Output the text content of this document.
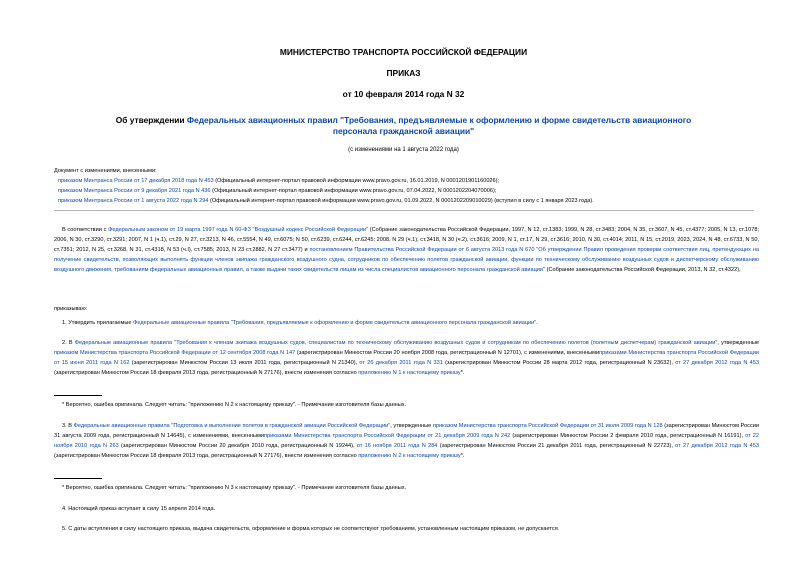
МИНИСТЕРСТВО ТРАНСПОРТА РОССИЙСКОЙ ФЕДЕРАЦИИ
ПРИКАЗ
от 10 февраля 2014 года N 32
Об утверждении Федеральных авиационных правил "Требования, предъявляемые к оформлению и форме свидетельств авиационного персонала гражданской авиации"
(с изменениями на 1 августа 2022 года)
Документ с изменениями, внесенными:
приказом Минтранса России от 17 декабря 2018 года N 453 (Официальный интернет-портал правовой информации www.pravo.gov.ru, 16.01.2019, N 0001201901160026);
приказом Минтранса России от 9 декабря 2021 года N 436 (Официальный интернет-портал правовой информации www.pravo.gov.ru, 07.04.2022, N 0001202204070006);
приказом Минтранса России от 1 августа 2022 года N 294 (Официальный интернет-портал правовой информации www.pravo.gov.ru, 01.09.2022, N 0001202209010029) (вступил в силу с 1 января 2023 года).
В соответствии с Федеральным законом от 19 марта 1997 года N 60-ФЗ "Воздушный кодекс Российской Федерации" (Собрание законодательства Российской Федерации, 1997, N 12, ст.1383; 1999, N 28, ст.3483; 2004, N 35, ст.3607, N 45, ст.4377; 2005, N 13, ст.1078; 2006, N 30, ст.3290, ст.3291; 2007, N 1 (ч.1), ст.29, N 27, ст.3213, N 46, ст.5554, N 49, ст.6075; N 50, ст.6239, ст.6244, ст.6245; 2008, N 29 (ч.1), ст.3418, N 30 (ч.2), ст.3616; 2009, N 1, ст.17, N 29, ст.3616; 2010, N 30, ст.4014; 2011, N 15, ст.2019, 2023, 2024, N 48, ст.6733, N 50, ст.7351; 2012, N 25, ст.3268, N 31, ст.4318, N 53 (ч.I), ст.7585; 2013, N 23 ст.2882, N 27 ст.3477) и постановлением Правительства Российской Федерации от 6 августа 2013 года N 670 "Об утверждении Правил проведения проверки соответствия лиц, претендующих на получение свидетельств, позволяющих выполнять функции членов экипажа гражданского воздушного судна, сотрудников по обеспечению полетов гражданской авиации, функции по техническому обслуживанию воздушных судов и диспетчерскому обслуживанию воздушного движения, требованиям федеральных авиационных правил, а также выдачи таких свидетельств лицам из числа специалистов авиационного персонала гражданской авиации" (Собрание законодательства Российской Федерации, 2013, N 32, ст.4322),
приказываю:
1. Утвердить прилагаемые Федеральные авиационные правила "Требования, предъявляемые к оформлению и форме свидетельств авиационного персонала гражданской авиации".
2. В Федеральные авиационные правила "Требования к членам экипажа воздушных судов, специалистам по техническому обслуживанию воздушных судов и сотрудникам по обеспечению полетов (полетным диспетчерам) гражданской авиации", утвержденные приказом Министерства транспорта Российской Федерации от 12 сентября 2008 года N 147 (зарегистрирован Минюстом России 20 ноября 2008 года, регистрационный N 12701), с изменениями, внесеннымиприказами Министерства транспорта Российской Федерации от 15 июня 2011 года N 162 (зарегистрирован Минюстом России 13 июля 2011 года, регистрационный N 21340), от 26 декабря 2011 года N 331 (зарегистрирован Минюстом России 28 марта 2012 года, регистрационный N 23632), от 27 декабря 2012 года N 453 (зарегистрирован Минюстом России 18 февраля 2013 года, регистрационный N 27176), внести изменения согласно приложению N 1 к настоящему приказу*.
* Вероятно, ошибка оригинала. Следует читать: "приложению N 2 к настоящему приказу". - Примечание изготовителя базы данных.
3. В Федеральные авиационные правила "Подготовка и выполнение полетов в гражданской авиации Российской Федерации", утвержденные приказом Министерства транспорта Российской Федерации от 31 июля 2009 года N 128 (зарегистрирован Минюстом России 31 августа 2009 года, регистрационный N 14645), с изменениями, внесеннымиприказами Министерства транспорта Российской Федерации от 21 декабря 2009 года N 242 (зарегистрирован Минюстом России 2 февраля 2010 года, регистрационный N 16191), от 22 ноября 2010 года N 263 (зарегистрирован Минюстом России 20 декабря 2010 года, регистрационный N 19244), от 16 ноября 2011 года N 284 (зарегистрирован Минюстом России 21 декабря 2011 года, регистрационный N 22723), от 27 декабря 2012 года N 453 (зарегистрирован Минюстом России 18 февраля 2013 года, регистрационный N 27176), внести изменения согласно приложению N 2 к настоящему приказу*.
* Вероятно, ошибка оригинала. Следует читать: "приложению N 3 к настоящему приказу". - Примечание изготовителя базы данных.
4. Настоящий приказ вступает в силу 15 апреля 2014 года.
5. С даты вступления в силу настоящего приказа, выдача свидетельств, оформление и форма которых не соответствуют требованиям, установленным настоящим приказом, не допускается.
